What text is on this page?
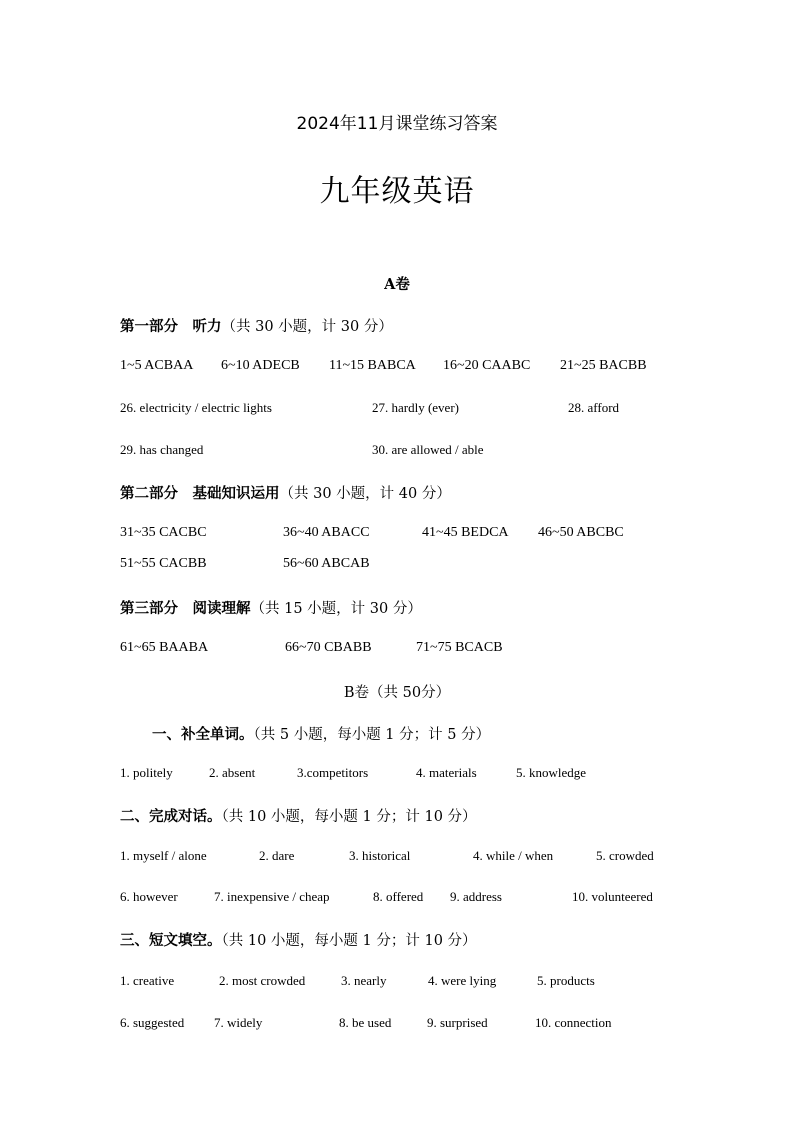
2024年11月课堂练习答案
九年级英语
A卷
第一部分　听力（共 30 小题，计 30 分）
1~5 ACBAA 6~10 ADECB 11~15 BABCA 16~20 CAABC 21~25 BACBB
26. electricity / electric lights	27. hardly (ever)	28. afford
29. has changed	30. are allowed / able
第二部分　基础知识运用（共 30 小题，计 40 分）
31~35 CACBC	36~40 ABACC	41~45 BEDCA 46~50 ABCBC
51~55 CACBB	56~60 ABCAB
第三部分　阅读理解（共 15 小题，计 30 分）
61~65 BAABA	66~70 CBABB	71~75 BCACB
B卷（共 50分）
一、补全单词。（共 5 小题，每小题 1 分；计 5 分）
1. politely	2. absent	3.competitors	4. materials	5. knowledge
二、完成对话。（共 10 小题，每小题 1 分；计 10 分）
1. myself / alone	2. dare	3. historical	4. while / when	5. crowded
6. however	7. inexpensive / cheap	8. offered 9. address	10. volunteered
三、短文填空。（共 10 小题，每小题 1 分；计 10 分）
1. creative	2. most crowded	3. nearly	4. were lying	5. products
6. suggested 7. widely	8. be used	9. surprised	10. connection
